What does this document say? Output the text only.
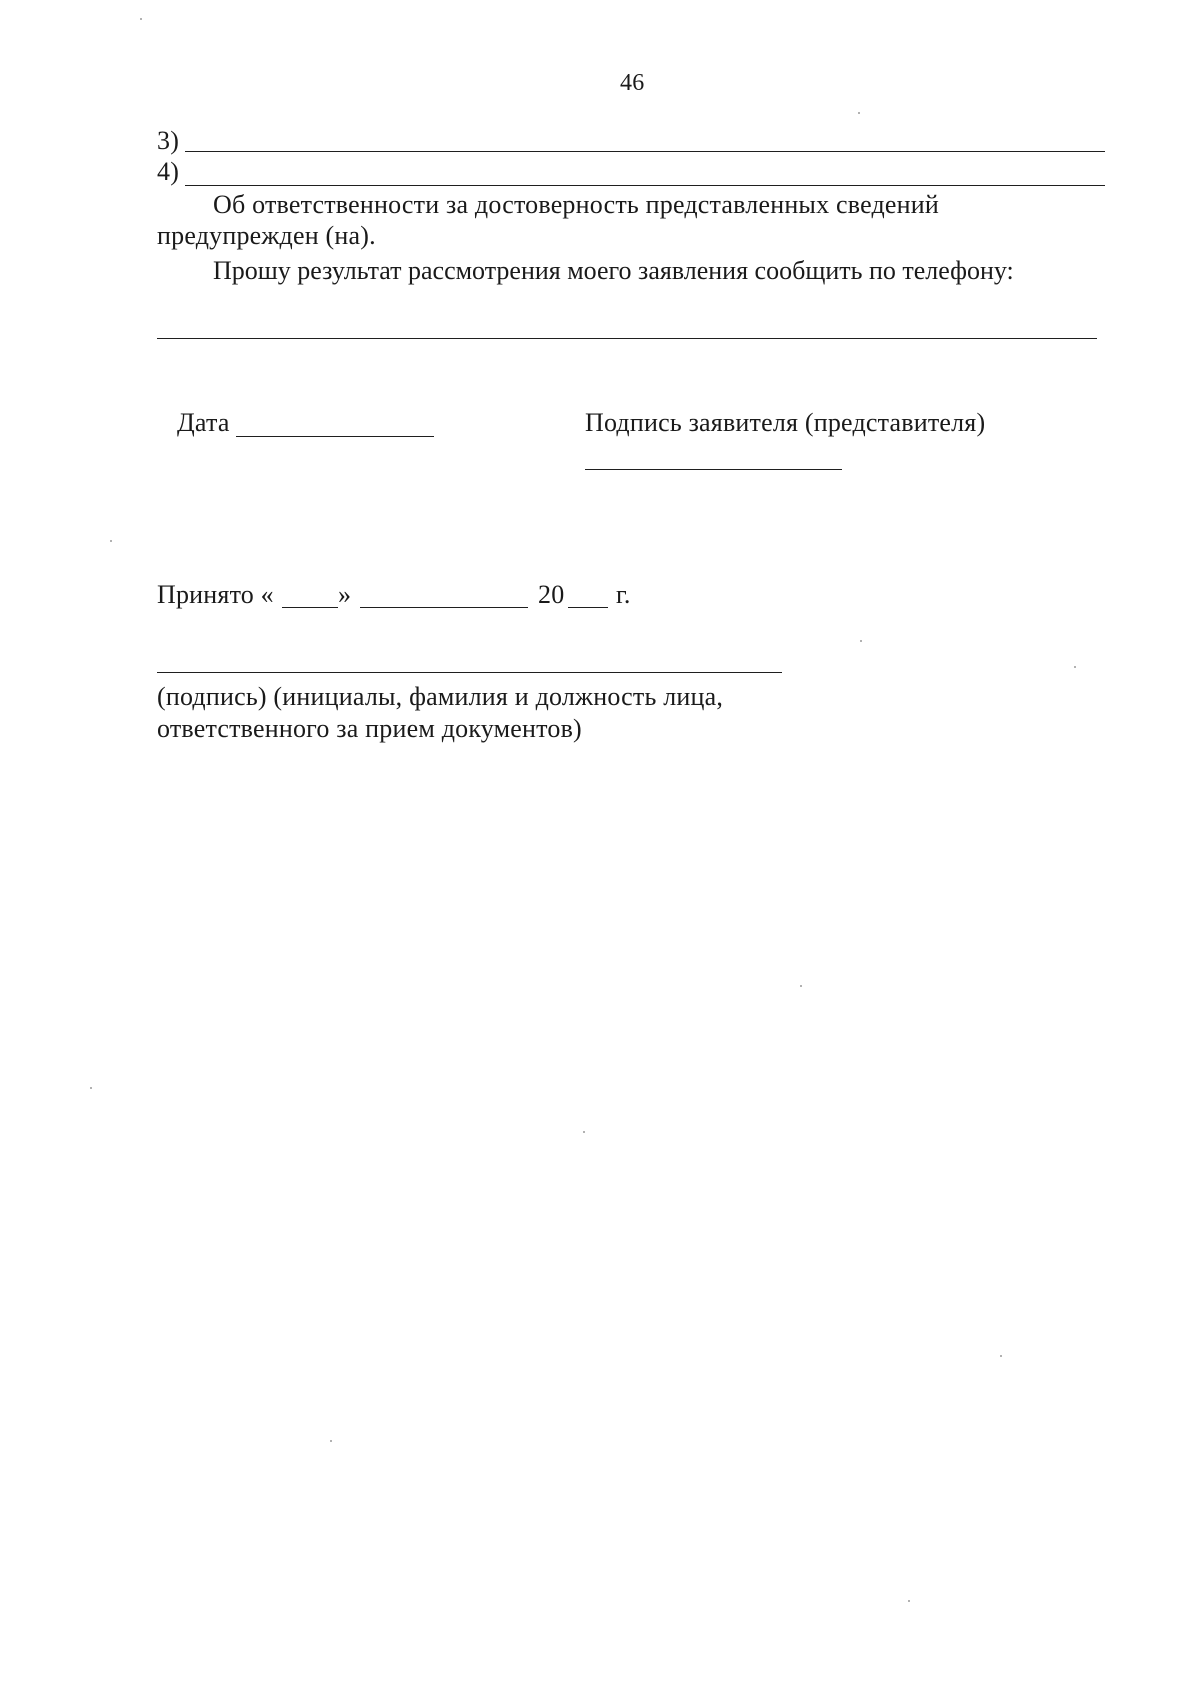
46
3)
4)
Об ответственности за достоверность представленных сведений
предупрежден (на).
Прошу результат рассмотрения моего заявления сообщить по телефону:
Дата	Подпись заявителя (представителя)
Принято « »	20 г.
(подпись) (инициалы, фамилия и должность лица,
ответственного за прием документов)
